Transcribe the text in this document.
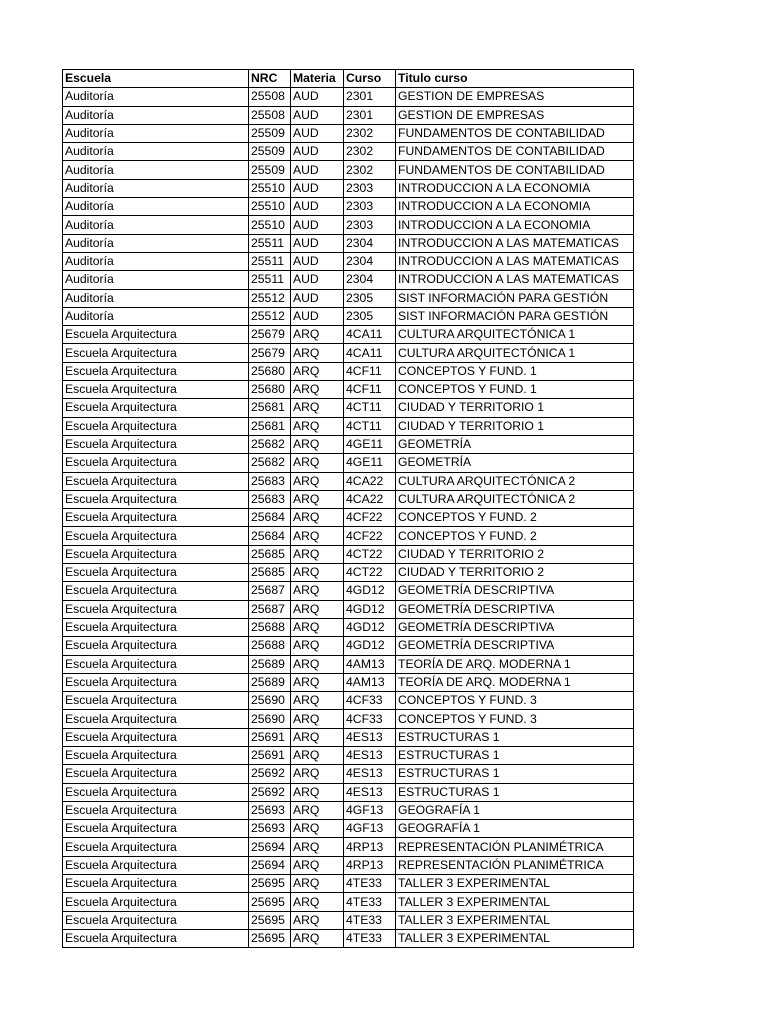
Escuela	NRC	Materia	Curso	Titulo curso
Auditoría	25508	AUD	2301	GESTION DE EMPRESAS
Auditoría	25508	AUD	2301	GESTION DE EMPRESAS
Auditoría	25509	AUD	2302	FUNDAMENTOS DE CONTABILIDAD
Auditoría	25509	AUD	2302	FUNDAMENTOS DE CONTABILIDAD
Auditoría	25509	AUD	2302	FUNDAMENTOS DE CONTABILIDAD
Auditoría	25510	AUD	2303	INTRODUCCION A LA ECONOMIA
Auditoría	25510	AUD	2303	INTRODUCCION A LA ECONOMIA
Auditoría	25510	AUD	2303	INTRODUCCION A LA ECONOMIA
Auditoría	25511	AUD	2304	INTRODUCCION A LAS MATEMATICAS
Auditoría	25511	AUD	2304	INTRODUCCION A LAS MATEMATICAS
Auditoría	25511	AUD	2304	INTRODUCCION A LAS MATEMATICAS
Auditoría	25512	AUD	2305	SIST INFORMACIÓN PARA GESTIÓN
Auditoría	25512	AUD	2305	SIST INFORMACIÓN PARA GESTIÓN
Escuela Arquitectura	25679	ARQ	4CA11	CULTURA ARQUITECTÓNICA 1
Escuela Arquitectura	25679	ARQ	4CA11	CULTURA ARQUITECTÓNICA 1
Escuela Arquitectura	25680	ARQ	4CF11	CONCEPTOS Y FUND. 1
Escuela Arquitectura	25680	ARQ	4CF11	CONCEPTOS Y FUND. 1
Escuela Arquitectura	25681	ARQ	4CT11	CIUDAD Y TERRITORIO 1
Escuela Arquitectura	25681	ARQ	4CT11	CIUDAD Y TERRITORIO 1
Escuela Arquitectura	25682	ARQ	4GE11	GEOMETRÍA
Escuela Arquitectura	25682	ARQ	4GE11	GEOMETRÍA
Escuela Arquitectura	25683	ARQ	4CA22	CULTURA ARQUITECTÓNICA 2
Escuela Arquitectura	25683	ARQ	4CA22	CULTURA ARQUITECTÓNICA 2
Escuela Arquitectura	25684	ARQ	4CF22	CONCEPTOS Y FUND. 2
Escuela Arquitectura	25684	ARQ	4CF22	CONCEPTOS Y FUND. 2
Escuela Arquitectura	25685	ARQ	4CT22	CIUDAD Y TERRITORIO 2
Escuela Arquitectura	25685	ARQ	4CT22	CIUDAD Y TERRITORIO 2
Escuela Arquitectura	25687	ARQ	4GD12	GEOMETRÍA DESCRIPTIVA
Escuela Arquitectura	25687	ARQ	4GD12	GEOMETRÍA DESCRIPTIVA
Escuela Arquitectura	25688	ARQ	4GD12	GEOMETRÍA DESCRIPTIVA
Escuela Arquitectura	25688	ARQ	4GD12	GEOMETRÍA DESCRIPTIVA
Escuela Arquitectura	25689	ARQ	4AM13	TEORÍA DE ARQ. MODERNA 1
Escuela Arquitectura	25689	ARQ	4AM13	TEORÍA DE ARQ. MODERNA 1
Escuela Arquitectura	25690	ARQ	4CF33	CONCEPTOS Y FUND. 3
Escuela Arquitectura	25690	ARQ	4CF33	CONCEPTOS Y FUND. 3
Escuela Arquitectura	25691	ARQ	4ES13	ESTRUCTURAS 1
Escuela Arquitectura	25691	ARQ	4ES13	ESTRUCTURAS 1
Escuela Arquitectura	25692	ARQ	4ES13	ESTRUCTURAS 1
Escuela Arquitectura	25692	ARQ	4ES13	ESTRUCTURAS 1
Escuela Arquitectura	25693	ARQ	4GF13	GEOGRAFÍA 1
Escuela Arquitectura	25693	ARQ	4GF13	GEOGRAFÍA 1
Escuela Arquitectura	25694	ARQ	4RP13	REPRESENTACIÓN PLANIMÉTRICA
Escuela Arquitectura	25694	ARQ	4RP13	REPRESENTACIÓN PLANIMÉTRICA
Escuela Arquitectura	25695	ARQ	4TE33	TALLER 3 EXPERIMENTAL
Escuela Arquitectura	25695	ARQ	4TE33	TALLER 3 EXPERIMENTAL
Escuela Arquitectura	25695	ARQ	4TE33	TALLER 3 EXPERIMENTAL
Escuela Arquitectura	25695	ARQ	4TE33	TALLER 3 EXPERIMENTAL
